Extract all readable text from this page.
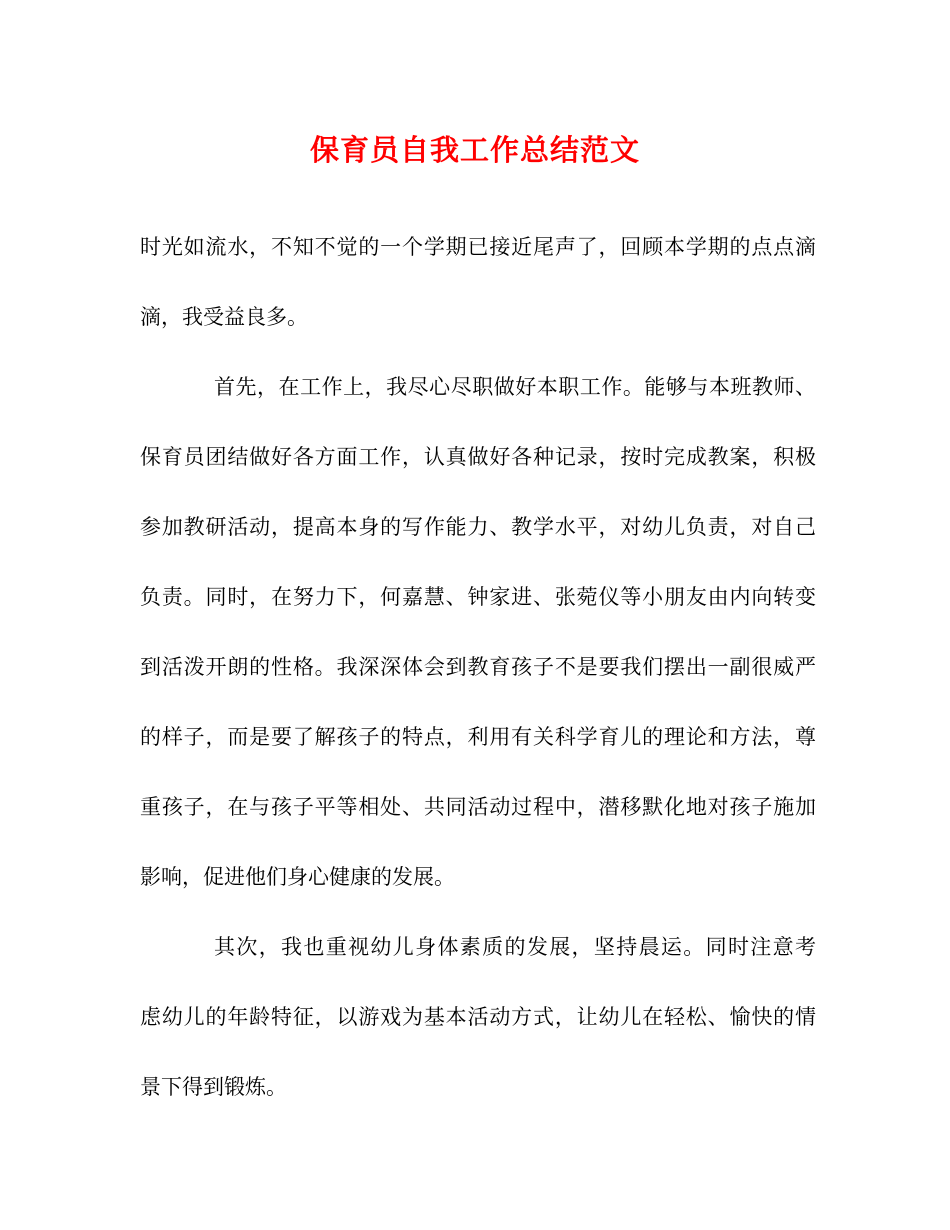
保育员自我工作总结范文

时光如流水，不知不觉的一个学期已接近尾声了，回顾本学期的点点滴
滴，我受益良多。

首先，在工作上，我尽心尽职做好本职工作。能够与本班教师、
保育员团结做好各方面工作，认真做好各种记录，按时完成教案，积极
参加教研活动，提高本身的写作能力、教学水平，对幼儿负责，对自己
负责。同时，在努力下，何嘉慧、钟家进、张菀仪等小朋友由内向转变
到活泼开朗的性格。我深深体会到教育孩子不是要我们摆出一副很威严
的样子，而是要了解孩子的特点，利用有关科学育儿的理论和方法，尊
重孩子，在与孩子平等相处、共同活动过程中，潜移默化地对孩子施加
影响，促进他们身心健康的发展。

其次，我也重视幼儿身体素质的发展，坚持晨运。同时注意考
虑幼儿的年龄特征，以游戏为基本活动方式，让幼儿在轻松、愉快的情
景下得到锻炼。
